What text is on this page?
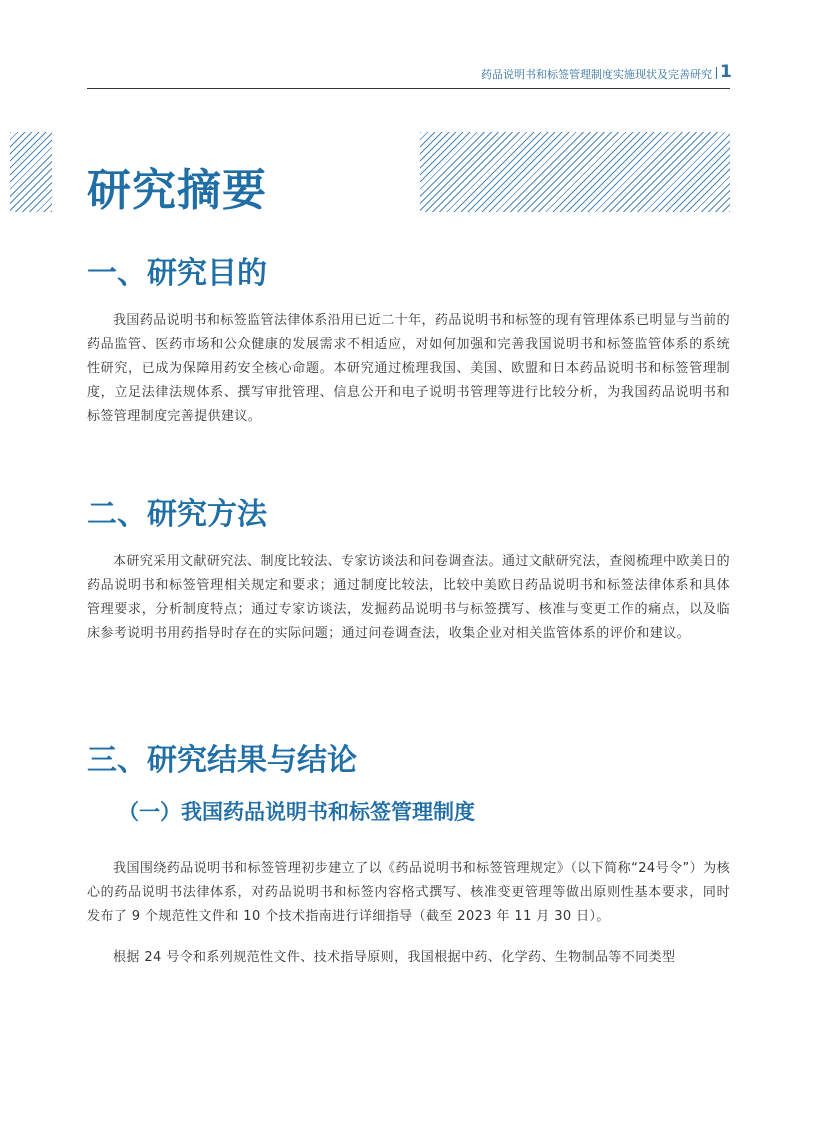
药品说明书和标签管理制度实施现状及完善研究 1
研究摘要
一、研究目的

我国药品说明书和标签监管法律体系沿用已近二十年，药品说明书和标签的现有管理体系已明显与当前的药品监管、医药市场和公众健康的发展需求不相适应，对如何加强和完善我国说明书和标签监管体系的系统性研究，已成为保障用药安全核心命题。本研究通过梳理我国、美国、欧盟和日本药品说明书和标签管理制度，立足法律法规体系、撰写审批管理、信息公开和电子说明书管理等进行比较分析，为我国药品说明书和标签管理制度完善提供建议。

二、研究方法

本研究采用文献研究法、制度比较法、专家访谈法和问卷调查法。通过文献研究法，查阅梳理中欧美日的药品说明书和标签管理相关规定和要求；通过制度比较法，比较中美欧日药品说明书和标签法律体系和具体管理要求，分析制度特点；通过专家访谈法，发掘药品说明书与标签撰写、核准与变更工作的痛点，以及临床参考说明书用药指导时存在的实际问题；通过问卷调查法，收集企业对相关监管体系的评价和建议。

三、研究结果与结论
（一）我国药品说明书和标签管理制度

我国围绕药品说明书和标签管理初步建立了以《药品说明书和标签管理规定》（以下简称“24号令”）为核心的药品说明书法律体系，对药品说明书和标签内容格式撰写、核准变更管理等做出原则性基本要求，同时发布了 9 个规范性文件和 10 个技术指南进行详细指导（截至 2023 年 11 月 30 日）。

根据 24 号令和系列规范性文件、技术指导原则，我国根据中药、化学药、生物制品等不同类型
